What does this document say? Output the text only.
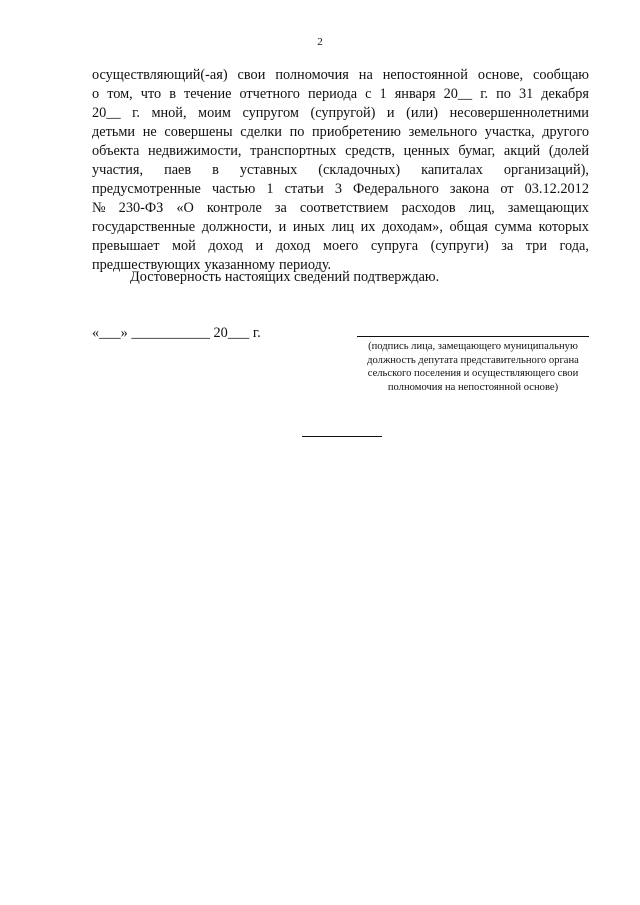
2
осуществляющий(-ая) свои полномочия на непостоянной основе, сообщаю
о том, что в течение отчетного периода с 1 января 20__ г. по 31 декабря
20__ г. мной, моим супругом (супругой) и (или) несовершеннолетними
детьми не совершены сделки по приобретению земельного участка, другого
объекта недвижимости, транспортных средств, ценных бумаг, акций (долей
участия, паев в уставных (складочных) капиталах организаций),
предусмотренные частью 1 статьи 3 Федерального закона от 03.12.2012
№ 230-ФЗ «О контроле за соответствием расходов лиц, замещающих
государственные должности, и иных лиц их доходам», общая сумма которых
превышает мой доход и доход моего супруга (супруги) за три года,
предшествующих указанному периоду.
Достоверность настоящих сведений подтверждаю.
«___» ___________ 20___ г.
(подпись лица, замещающего муниципальную
должность депутата представительного органа
сельского поселения и осуществляющего свои
полномочия на непостоянной основе)
